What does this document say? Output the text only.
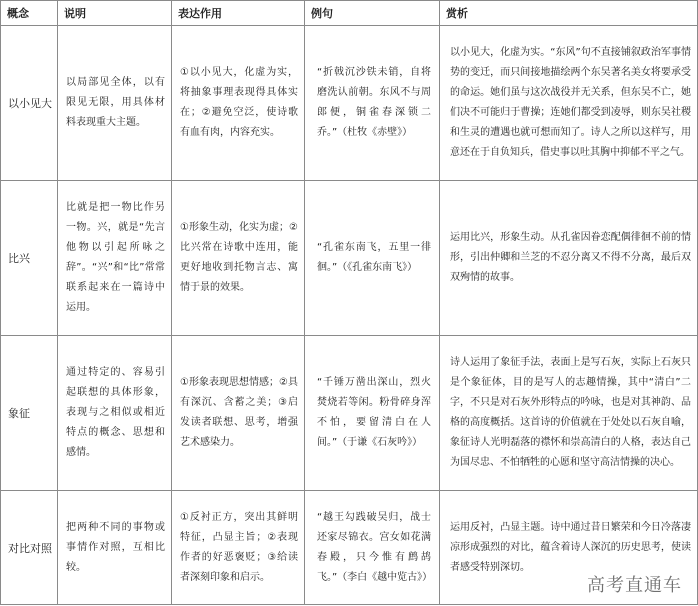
概念	说明	表达作用	例句	赏析
以小见大	以局部见全体，以有限见无限，用具体材料表现重大主题。	①以小见大，化虚为实，将抽象事理表现得具体实在；②避免空泛，使诗歌有血有肉，内容充实。	“折戟沉沙铁未销，自将磨洗认前朝。东风不与周郎便，铜雀春深锁二乔。”（杜牧《赤壁》）	以小见大，化虚为实。“东风”句不直接铺叙政治军事情势的变迁，而只间接地描绘两个东吴著名美女将要承受的命运。她们虽与这次战役并无关系，但东吴不亡，她们决不可能归于曹操；连她们都受到凌辱，则东吴社稷和生灵的遭遇也就可想而知了。诗人之所以这样写，用意还在于自负知兵，借史事以吐其胸中抑郁不平之气。

比兴	比就是把一物比作另一物。兴，就是“先言他物以引起所咏之辞”。“兴”和“比”常常联系起来在一篇诗中运用。	①形象生动，化实为虚；②比兴常在诗歌中连用，能更好地收到托物言志、寓情于景的效果。	“孔雀东南飞，五里一徘徊。”（《孔雀东南飞》）	运用比兴，形象生动。从孔雀因眷恋配偶徘徊不前的情形，引出仲卿和兰芝的不忍分离又不得不分离，最后双双殉情的故事。

象征	通过特定的、容易引起联想的具体形象，表现与之相似或相近特点的概念、思想和感情。	①形象表现思想情感；②具有深沉、含蓄之美；③启发读者联想、思考，增强艺术感染力。	“千锤万凿出深山，烈火焚烧若等闲。粉骨碎身浑不怕，要留清白在人间。”（于谦《石灰吟》）	诗人运用了象征手法，表面上是写石灰，实际上石灰只是个象征体，目的是写人的志趣情操，其中“清白”二字，不只是对石灰外形特点的吟咏，也是对其神韵、品格的高度概括。这首诗的价值就在于处处以石灰自喻，象征诗人光明磊落的襟怀和崇高清白的人格，表达自己为国尽忠、不怕牺牲的心愿和坚守高洁情操的决心。

对比对照	把两种不同的事物或事情作对照，互相比较。	①反衬正方，突出其鲜明特征，凸显主旨；②表现作者的好恶褒贬；③给读者深刻印象和启示。	“越王勾践破吴归，战士还家尽锦衣。宫女如花满春殿，只今惟有鹧鸪飞。”（李白《越中览古》）	运用反衬，凸显主题。诗中通过昔日繁荣和今日冷落凄凉形成强烈的对比，蕴含着诗人深沉的历史思考，使读者感受特别深切。
高考直通车
